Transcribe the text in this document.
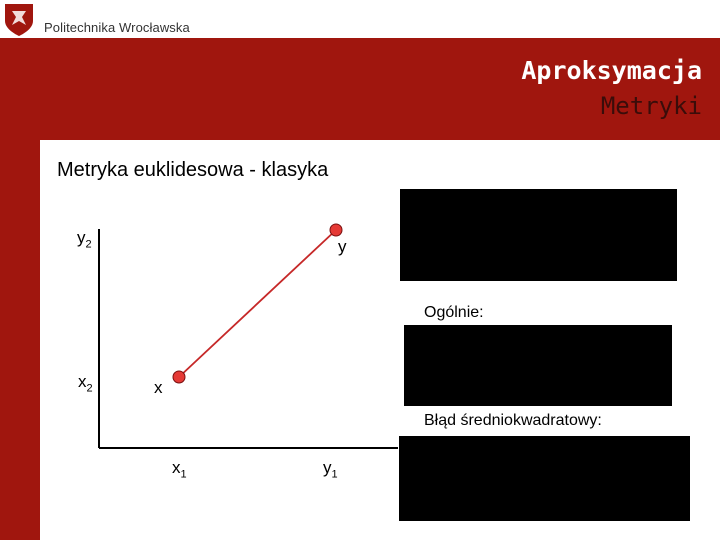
Politechnika Wrocławska
Aproksymacja
Metryki
Metryka euklidesowa - klasyka
$y_2$	y
$x_2$	x
$x_1$	$y_1$
Ogólnie:
Błąd średniokwadratowy:
